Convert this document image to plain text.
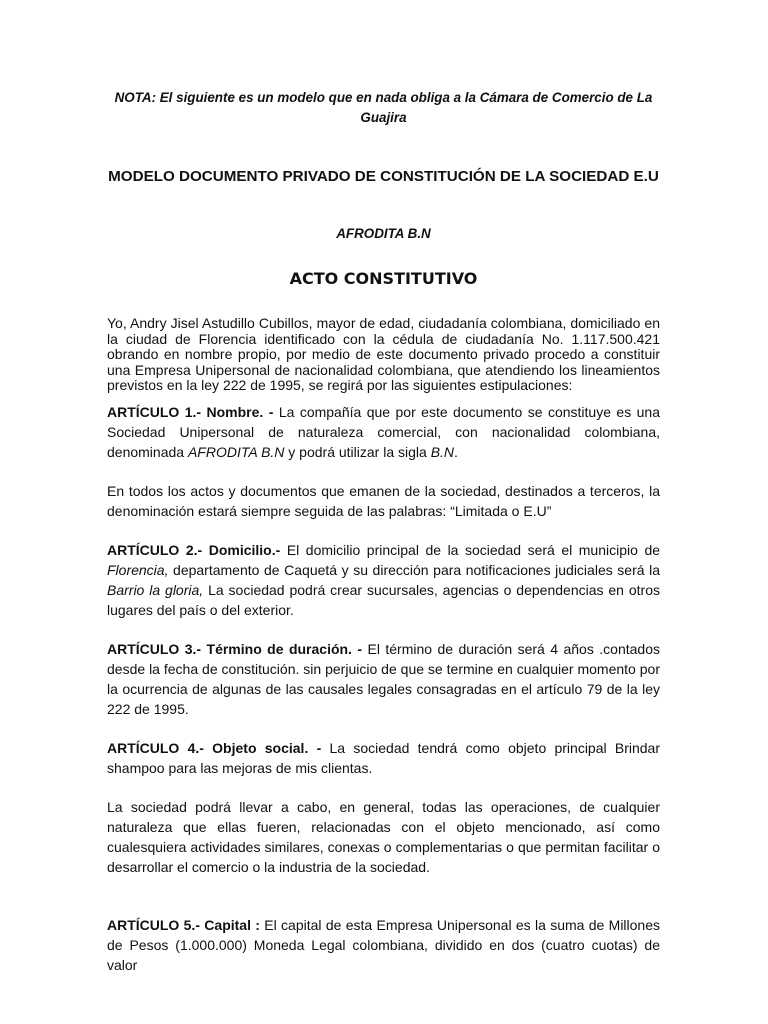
NOTA: El siguiente es un modelo que en nada obliga a la Cámara de Comercio de La Guajira

MODELO DOCUMENTO PRIVADO DE CONSTITUCIÓN DE LA SOCIEDAD E.U

AFRODITA B.N

ACTO CONSTITUTIVO

Yo, Andry Jisel Astudillo Cubillos, mayor de edad, ciudadanía colombiana, domiciliado en la ciudad de Florencia identificado con la cédula de ciudadanía No. 1.117.500.421 obrando en nombre propio, por medio de este documento privado procedo a constituir una Empresa Unipersonal de nacionalidad colombiana, que atendiendo los lineamientos previstos en la ley 222 de 1995, se regirá por las siguientes estipulaciones:

ARTÍCULO 1.- Nombre. - La compañía que por este documento se constituye es una Sociedad Unipersonal de naturaleza comercial, con nacionalidad colombiana, denominada AFRODITA B.N y podrá utilizar la sigla B.N.

En todos los actos y documentos que emanen de la sociedad, destinados a terceros, la denominación estará siempre seguida de las palabras: “Limitada o E.U”

ARTÍCULO 2.- Domicilio.- El domicilio principal de la sociedad será el municipio de Florencia, departamento de Caquetá y su dirección para notificaciones judiciales será la Barrio la gloria, La sociedad podrá crear sucursales, agencias o dependencias en otros lugares del país o del exterior.

ARTÍCULO 3.- Término de duración. - El término de duración será 4 años .contados desde la fecha de constitución. sin perjuicio de que se termine en cualquier momento por la ocurrencia de algunas de las causales legales consagradas en el artículo 79 de la ley 222 de 1995.

ARTÍCULO 4.- Objeto social. - La sociedad tendrá como objeto principal Brindar shampoo para las mejoras de mis clientas.

La sociedad podrá llevar a cabo, en general, todas las operaciones, de cualquier naturaleza que ellas fueren, relacionadas con el objeto mencionado, así como cualesquiera actividades similares, conexas o complementarias o que permitan facilitar o desarrollar el comercio o la industria de la sociedad.

ARTÍCULO 5.- Capital : El capital de esta Empresa Unipersonal es la suma de Millones de Pesos (1.000.000) Moneda Legal colombiana, dividido en dos (cuatro cuotas) de valor
